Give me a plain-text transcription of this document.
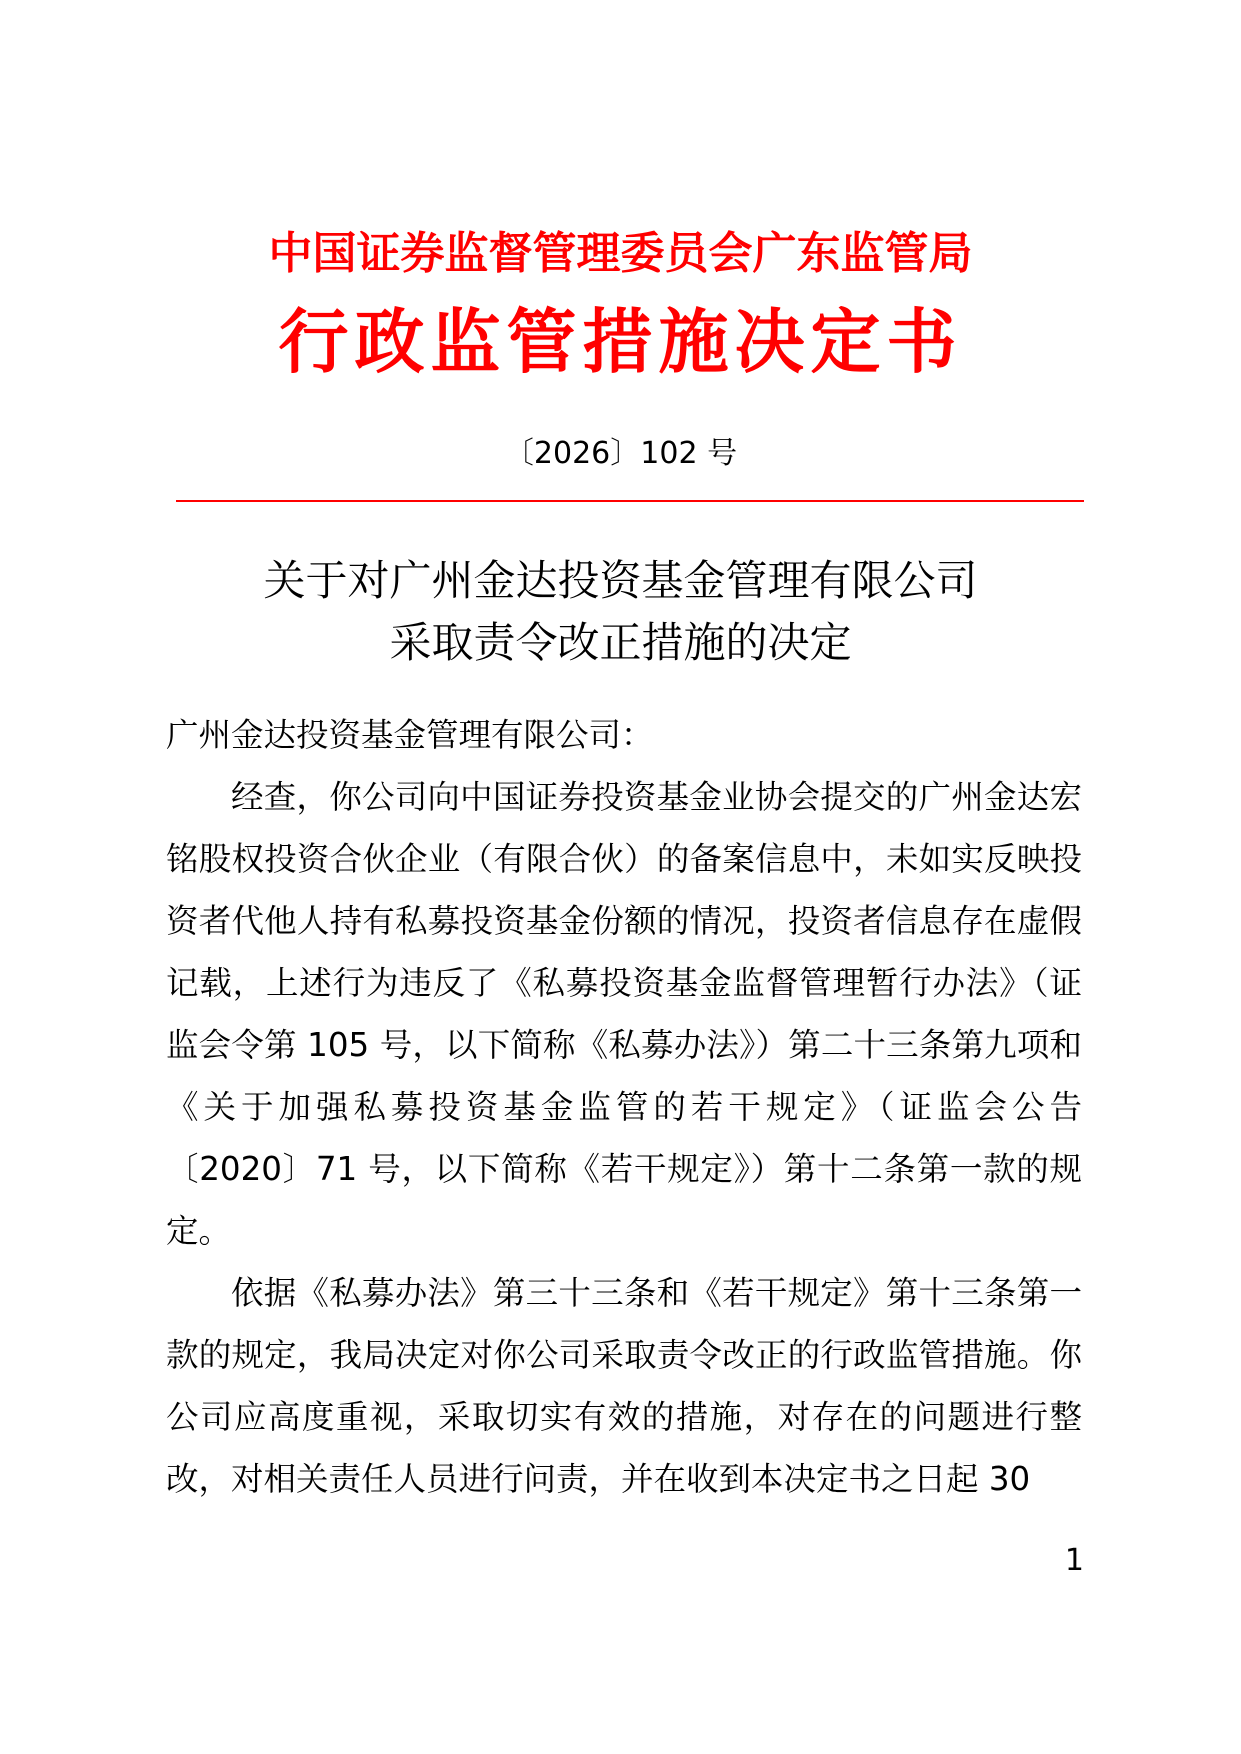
中国证券监督管理委员会广东监管局
行政监管措施决定书
〔2026〕102 号
关于对广州金达投资基金管理有限公司
采取责令改正措施的决定

广州金达投资基金管理有限公司：

经查，你公司向中国证券投资基金业协会提交的广州金达宏铭股权投资合伙企业（有限合伙）的备案信息中，未如实反映投资者代他人持有私募投资基金份额的情况，投资者信息存在虚假记载，上述行为违反了《私募投资基金监督管理暂行办法》（证监会令第 105 号，以下简称《私募办法》）第二十三条第九项和《关于加强私募投资基金监管的若干规定》（证监会公告〔2020〕71 号，以下简称《若干规定》）第十二条第一款的规定。

依据《私募办法》第三十三条和《若干规定》第十三条第一款的规定，我局决定对你公司采取责令改正的行政监管措施。你公司应高度重视，采取切实有效的措施，对存在的问题进行整改，对相关责任人员进行问责，并在收到本决定书之日起 30

1
